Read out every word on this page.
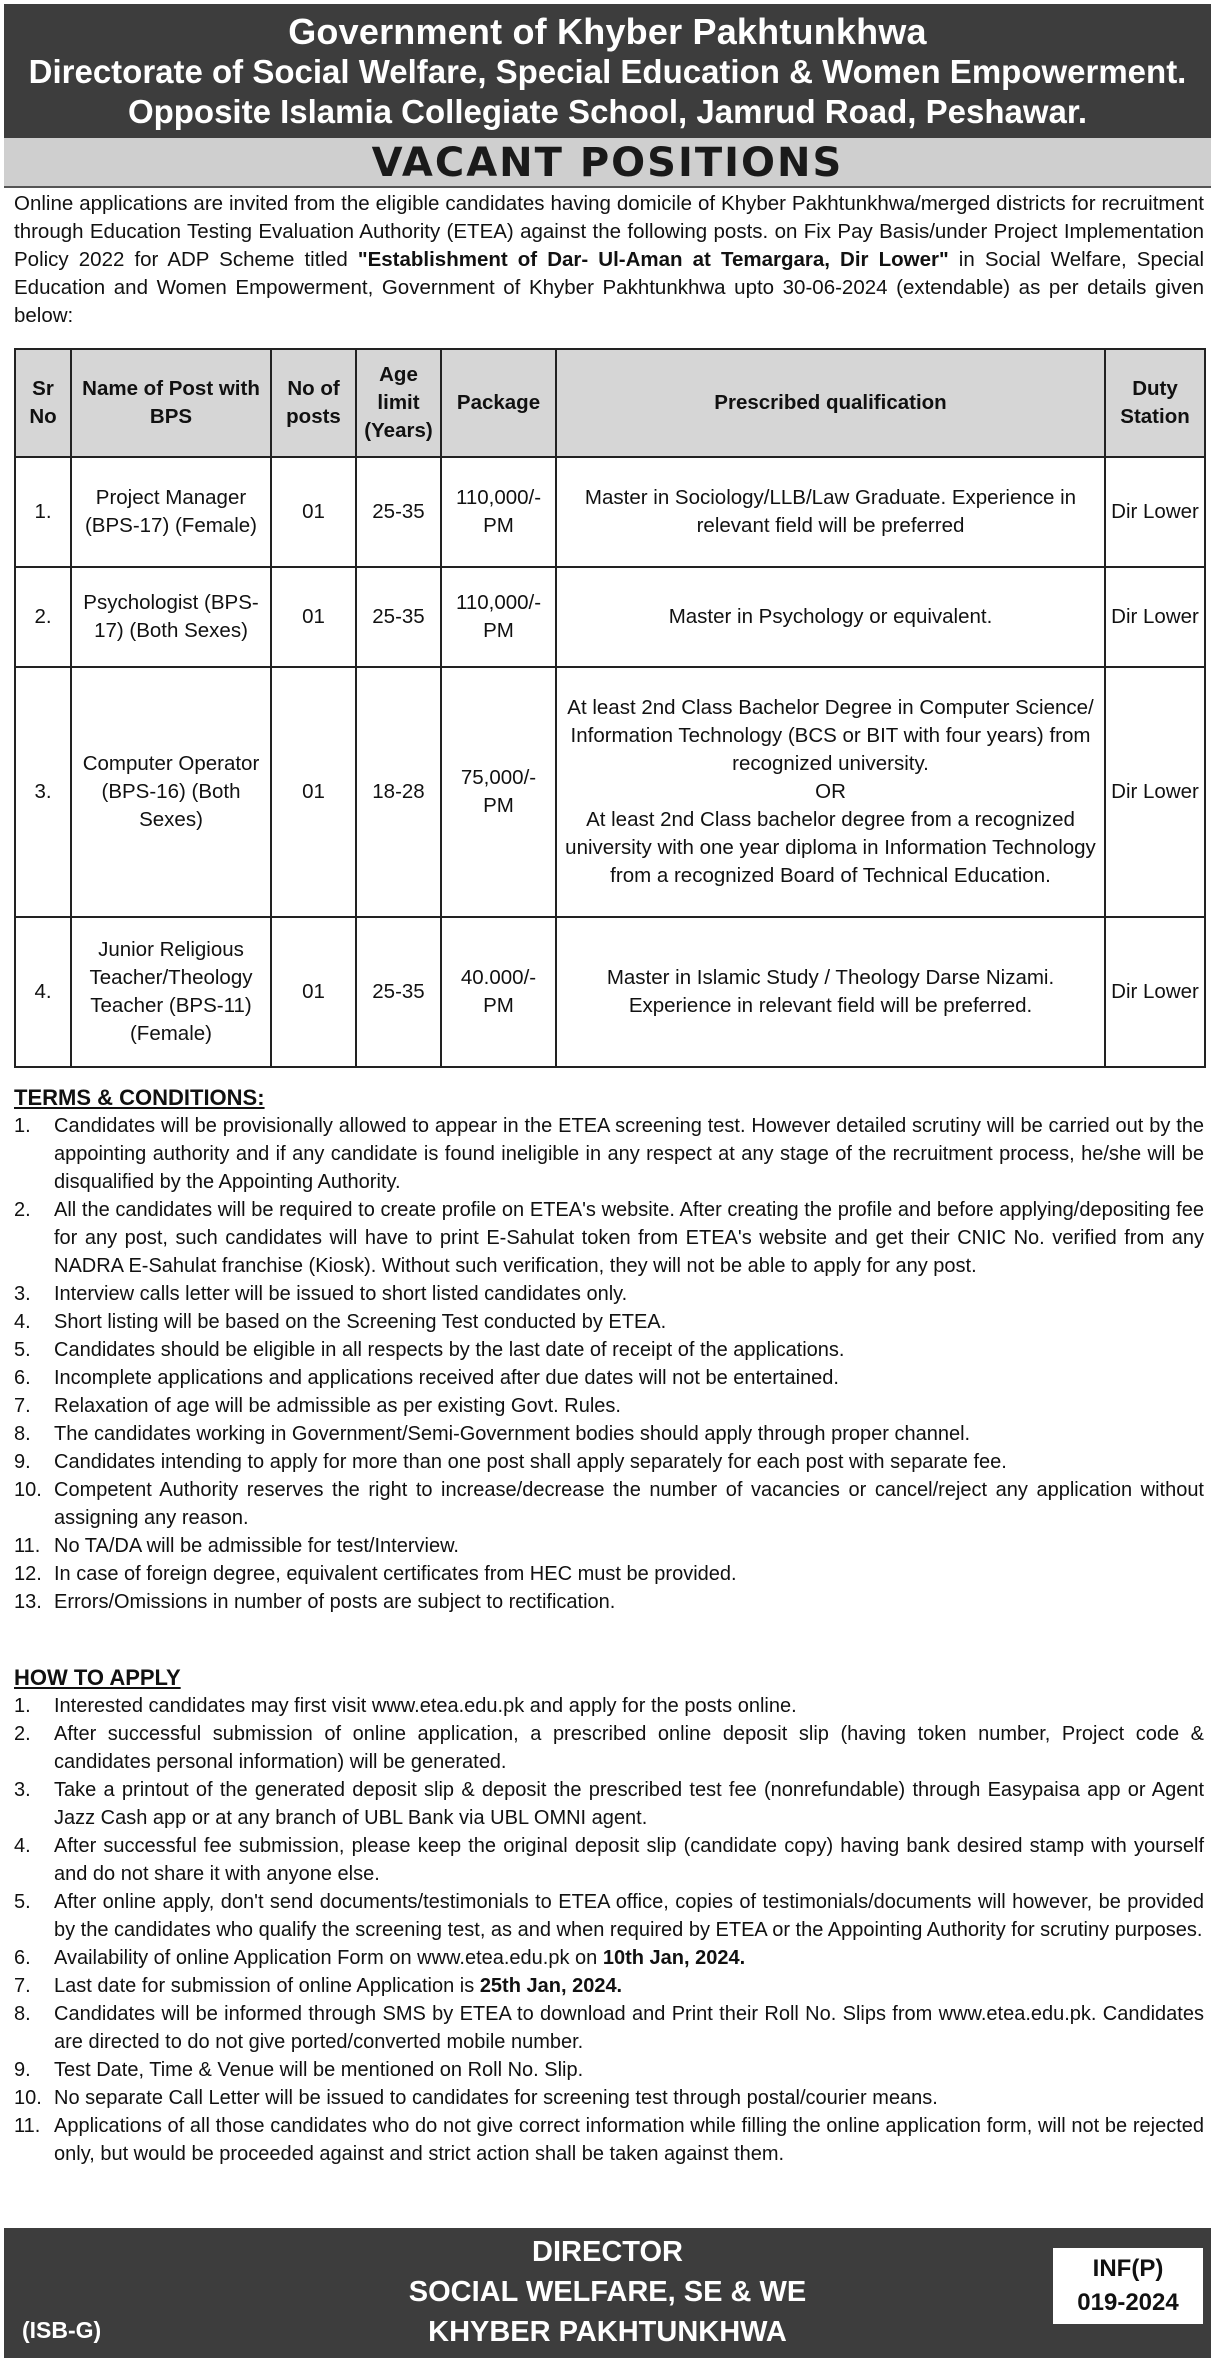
Government of Khyber Pakhtunkhwa
Directorate of Social Welfare, Special Education & Women Empowerment.
Opposite Islamia Collegiate School, Jamrud Road, Peshawar.
VACANT POSITIONS
Online applications are invited from the eligible candidates having domicile of Khyber Pakhtunkhwa/merged districts for recruitment through Education Testing Evaluation Authority (ETEA) against the following posts. on Fix Pay Basis/under Project Implementation Policy 2022 for ADP Scheme titled "Establishment of Dar- Ul-Aman at Temargara, Dir Lower" in Social Welfare, Special Education and Women Empowerment, Government of Khyber Pakhtunkhwa upto 30-06-2024 (extendable) as per details given below:
Sr No	Name of Post with BPS	No of posts	Age limit (Years)	Package	Prescribed qualification	Duty Station
1.	Project Manager (BPS-17) (Female)	01	25-35	110,000/- PM	Master in Sociology/LLB/Law Graduate. Experience in relevant field will be preferred	Dir Lower
2.	Psychologist (BPS-17) (Both Sexes)	01	25-35	110,000/- PM	Master in Psychology or equivalent.	Dir Lower
3.	Computer Operator (BPS-16) (Both Sexes)	01	18-28	75,000/- PM	At least 2nd Class Bachelor Degree in Computer Science/ Information Technology (BCS or BIT with four years) from recognized university.
OR
At least 2nd Class bachelor degree from a recognized university with one year diploma in Information Technology from a recognized Board of Technical Education.	Dir Lower
4.	Junior Religious Teacher/Theology Teacher (BPS-11) (Female)	01	25-35	40.000/- PM	Master in Islamic Study / Theology Darse Nizami. Experience in relevant field will be preferred.	Dir Lower
TERMS & CONDITIONS:
1.	Candidates will be provisionally allowed to appear in the ETEA screening test. However detailed scrutiny will be carried out by the appointing authority and if any candidate is found ineligible in any respect at any stage of the recruitment process, he/she will be disqualified by the Appointing Authority.
2.	All the candidates will be required to create profile on ETEA's website. After creating the profile and before applying/depositing fee for any post, such candidates will have to print E-Sahulat token from ETEA's website and get their CNIC No. verified from any NADRA E-Sahulat franchise (Kiosk). Without such verification, they will not be able to apply for any post.
3.	Interview calls letter will be issued to short listed candidates only.
4.	Short listing will be based on the Screening Test conducted by ETEA.
5.	Candidates should be eligible in all respects by the last date of receipt of the applications.
6.	Incomplete applications and applications received after due dates will not be entertained.
7.	Relaxation of age will be admissible as per existing Govt. Rules.
8.	The candidates working in Government/Semi-Government bodies should apply through proper channel.
9.	Candidates intending to apply for more than one post shall apply separately for each post with separate fee.
10. Competent Authority reserves the right to increase/decrease the number of vacancies or cancel/reject any application without assigning any reason.
11. No TA/DA will be admissible for test/Interview.
12. In case of foreign degree, equivalent certificates from HEC must be provided.
13. Errors/Omissions in number of posts are subject to rectification.
HOW TO APPLY
1.	Interested candidates may first visit www.etea.edu.pk and apply for the posts online.
2.	After successful submission of online application, a prescribed online deposit slip (having token number, Project code & candidates personal information) will be generated.
3.	Take a printout of the generated deposit slip & deposit the prescribed test fee (nonrefundable) through Easypaisa app or Agent Jazz Cash app or at any branch of UBL Bank via UBL OMNI agent.
4.	After successful fee submission, please keep the original deposit slip (candidate copy) having bank desired stamp with yourself and do not share it with anyone else.
5.	After online apply, don't send documents/testimonials to ETEA office, copies of testimonials/documents will however, be provided by the candidates who qualify the screening test, as and when required by ETEA or the Appointing Authority for scrutiny purposes.
6.	Availability of online Application Form on www.etea.edu.pk on 10th Jan, 2024.
7.	Last date for submission of online Application is 25th Jan, 2024.
8.	Candidates will be informed through SMS by ETEA to download and Print their Roll No. Slips from www.etea.edu.pk. Candidates are directed to do not give ported/converted mobile number.
9.	Test Date, Time & Venue will be mentioned on Roll No. Slip.
10. No separate Call Letter will be issued to candidates for screening test through postal/courier means.
11. Applications of all those candidates who do not give correct information while filling the online application form, will not be rejected only, but would be proceeded against and strict action shall be taken against them.
DIRECTOR
SOCIAL WELFARE, SE & WE
KHYBER PAKHTUNKHWA
(ISB-G)
INF(P)
019-2024
